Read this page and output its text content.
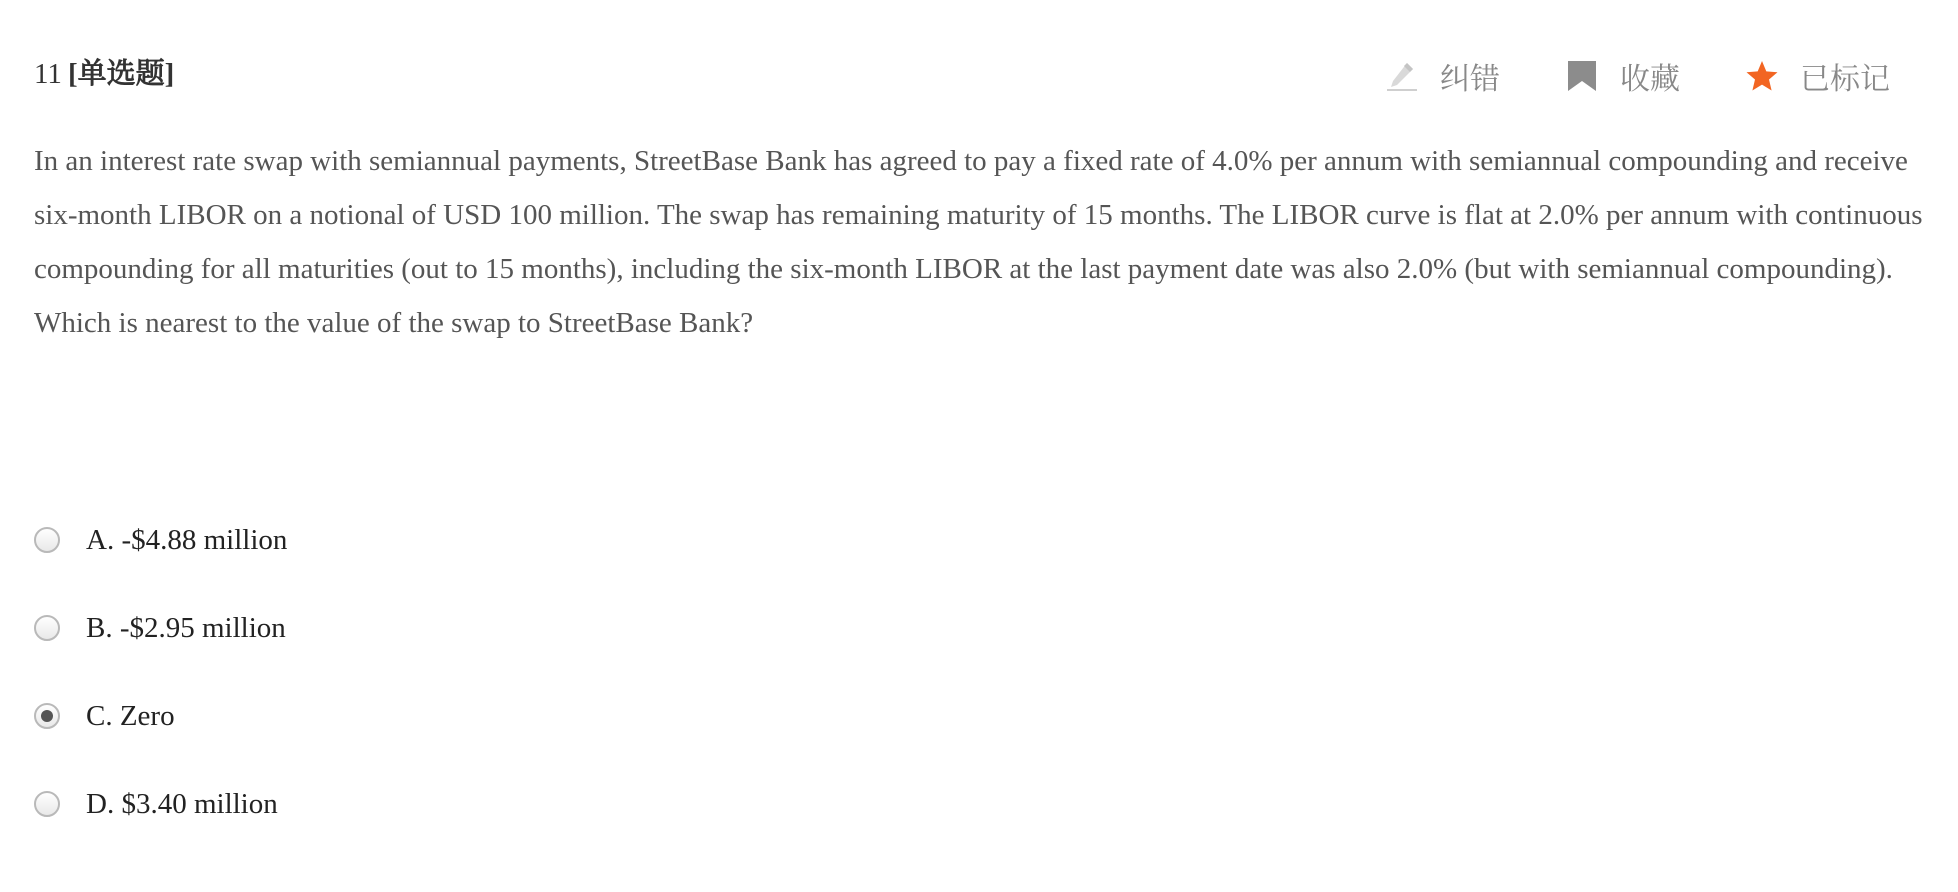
11 [单选题]	纠错	收藏	已标记

In an interest rate swap with semiannual payments, StreetBase Bank has agreed to pay a fixed rate of 4.0% per annum with semiannual compounding and receive six-month LIBOR on a notional of USD 100 million. The swap has remaining maturity of 15 months. The LIBOR curve is flat at 2.0% per annum with continuous compounding for all maturities (out to 15 months), including the six-month LIBOR at the last payment date was also 2.0% (but with semiannual compounding). Which is nearest to the value of the swap to StreetBase Bank?

A.
-$4.88 million
B.
-$2.95 million
C.
Zero
D.
$3.40 million
